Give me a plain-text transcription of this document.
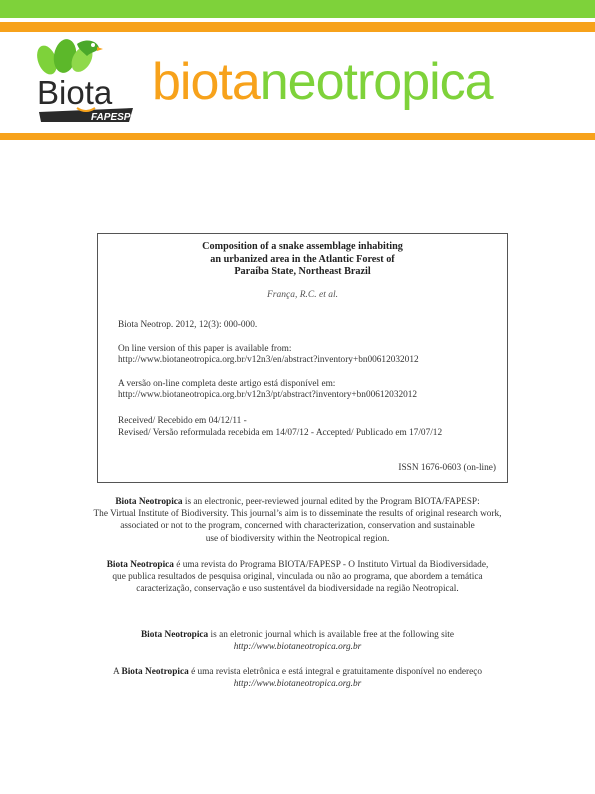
Biota
FAPESP
biotaneotropica
Composition of a snake assemblage inhabiting
an urbanized area in the Atlantic Forest of
Paraíba State, Northeast Brazil
França, R.C. et al.
Biota Neotrop. 2012, 12(3): 000-000.
On line version of this paper is available from:
http://www.biotaneotropica.org.br/v12n3/en/abstract?inventory+bn00612032012
A versão on-line completa deste artigo está disponível em:
http://www.biotaneotropica.org.br/v12n3/pt/abstract?inventory+bn00612032012
Received/ Recebido em 04/12/11 -
Revised/ Versão reformulada recebida em 14/07/12 - Accepted/ Publicado em 17/07/12
ISSN 1676-0603 (on-line)
Biota Neotropica is an electronic, peer-reviewed journal edited by the Program BIOTA/FAPESP:
The Virtual Institute of Biodiversity. This journal’s aim is to disseminate the results of original research work,
associated or not to the program, concerned with characterization, conservation and sustainable
use of biodiversity within the Neotropical region.
Biota Neotropica é uma revista do Programa BIOTA/FAPESP - O Instituto Virtual da Biodiversidade,
que publica resultados de pesquisa original, vinculada ou não ao programa, que abordem a temática
caracterização, conservação e uso sustentável da biodiversidade na região Neotropical.
Biota Neotropica is an eletronic journal which is available free at the following site
http://www.biotaneotropica.org.br
A Biota Neotropica é uma revista eletrônica e está integral e gratuitamente disponível no endereço
http://www.biotaneotropica.org.br
